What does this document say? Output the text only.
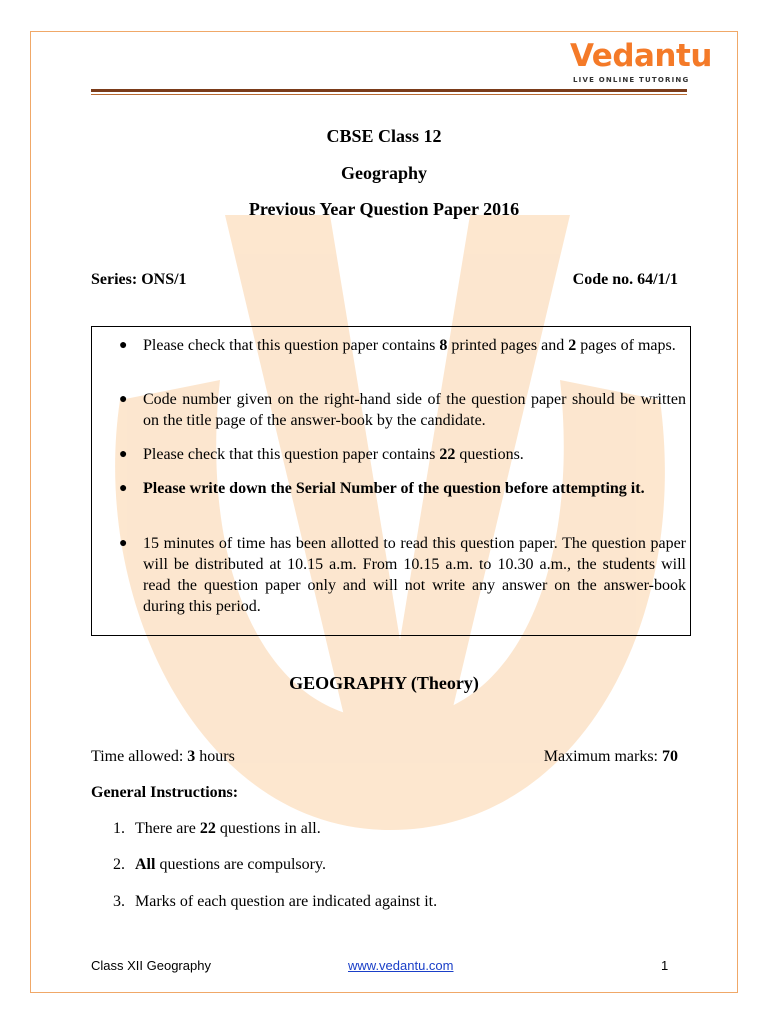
Vedantu
LIVE ONLINE TUTORING
CBSE Class 12
Geography
Previous Year Question Paper 2016
Series: ONS/1	Code no. 64/1/1
● Please check that this question paper contains 8 printed pages and 2 pages of maps.
● Code number given on the right-hand side of the question paper should be written on the title page of the answer-book by the candidate.
● Please check that this question paper contains 22 questions.
● Please write down the Serial Number of the question before attempting it.
● 15 minutes of time has been allotted to read this question paper. The question paper will be distributed at 10.15 a.m. From 10.15 a.m. to 10.30 a.m., the students will read the question paper only and will not write any answer on the answer-book during this period.
GEOGRAPHY (Theory)
Time allowed: 3 hours	Maximum marks: 70
General Instructions:
1. There are 22 questions in all.
2. All questions are compulsory.
3. Marks of each question are indicated against it.
Class XII Geography	www.vedantu.com	1
